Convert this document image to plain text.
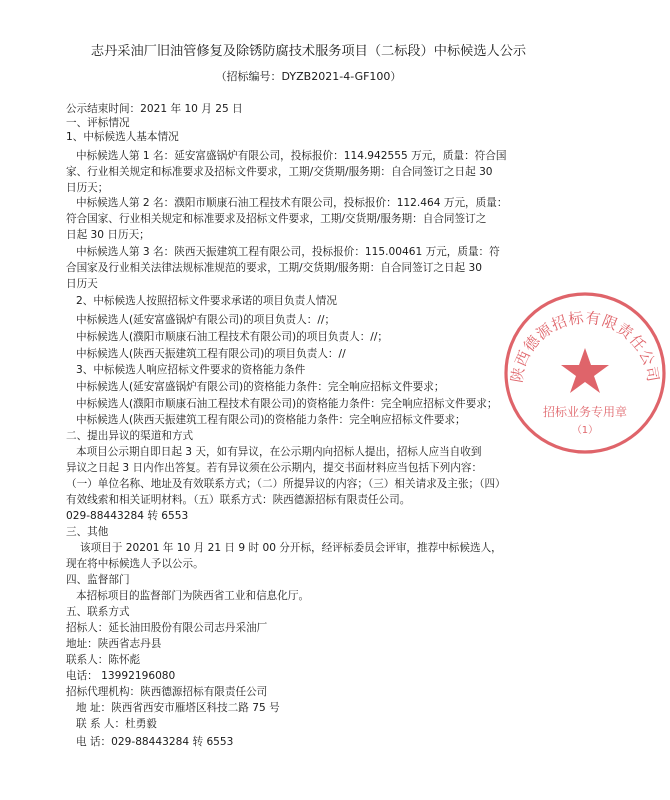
志丹采油厂旧油管修复及除锈防腐技术服务项目（二标段）中标候选人公示
（招标编号：DYZB2021-4-GF100）
公示结束时间：2021 年 10 月 25 日
一、评标情况
1、中标候选人基本情况
中标候选人第 1 名：延安富盛锅炉有限公司，投标报价：114.942555 万元，质量：符合国
家、行业相关规定和标准要求及招标文件要求，工期/交货期/服务期：自合同签订之日起 30
日历天；
中标候选人第 2 名：濮阳市顺康石油工程技术有限公司，投标报价：112.464 万元，质量：
符合国家、行业相关规定和标准要求及招标文件要求，工期/交货期/服务期：自合同签订之
日起 30 日历天；
中标候选人第 3 名：陕西天振建筑工程有限公司，投标报价：115.00461 万元，质量：符
合国家及行业相关法律法规标准规范的要求，工期/交货期/服务期：自合同签订之日起 30
日历天
2、中标候选人按照招标文件要求承诺的项目负责人情况
中标候选人(延安富盛锅炉有限公司)的项目负责人：//；
中标候选人(濮阳市顺康石油工程技术有限公司)的项目负责人：//；
中标候选人(陕西天振建筑工程有限公司)的项目负责人：//
3、中标候选人响应招标文件要求的资格能力条件
中标候选人(延安富盛锅炉有限公司)的资格能力条件：完全响应招标文件要求；
中标候选人(濮阳市顺康石油工程技术有限公司)的资格能力条件：完全响应招标文件要求；
中标候选人(陕西天振建筑工程有限公司)的资格能力条件：完全响应招标文件要求；
二、提出异议的渠道和方式
本项目公示期自即日起 3 天，如有异议，在公示期内向招标人提出，招标人应当自收到
异议之日起 3 日内作出答复。若有异议须在公示期内，提交书面材料应当包括下列内容：
（一）单位名称、地址及有效联系方式；（二）所提异议的内容；（三）相关请求及主张；（四）
有效线索和相关证明材料。（五）联系方式：陕西德源招标有限责任公司。
029-88443284 转 6553
三、其他
该项目于 20201 年 10 月 21 日 9 时 00 分开标，经评标委员会评审，推荐中标候选人，
现在将中标候选人予以公示。
四、监督部门
本招标项目的监督部门为陕西省工业和信息化厅。
五、联系方式
招标人：延长油田股份有限公司志丹采油厂
地址：陕西省志丹县
联系人：陈怀彪
电话： 13992196080
招标代理机构：陕西德源招标有限责任公司
地 址：陕西省西安市雁塔区科技二路 75 号
联 系 人：杜勇毅
电 话：029-88443284 转 6553
陕西德源招标有限责任公司
招标业务专用章
（1）
